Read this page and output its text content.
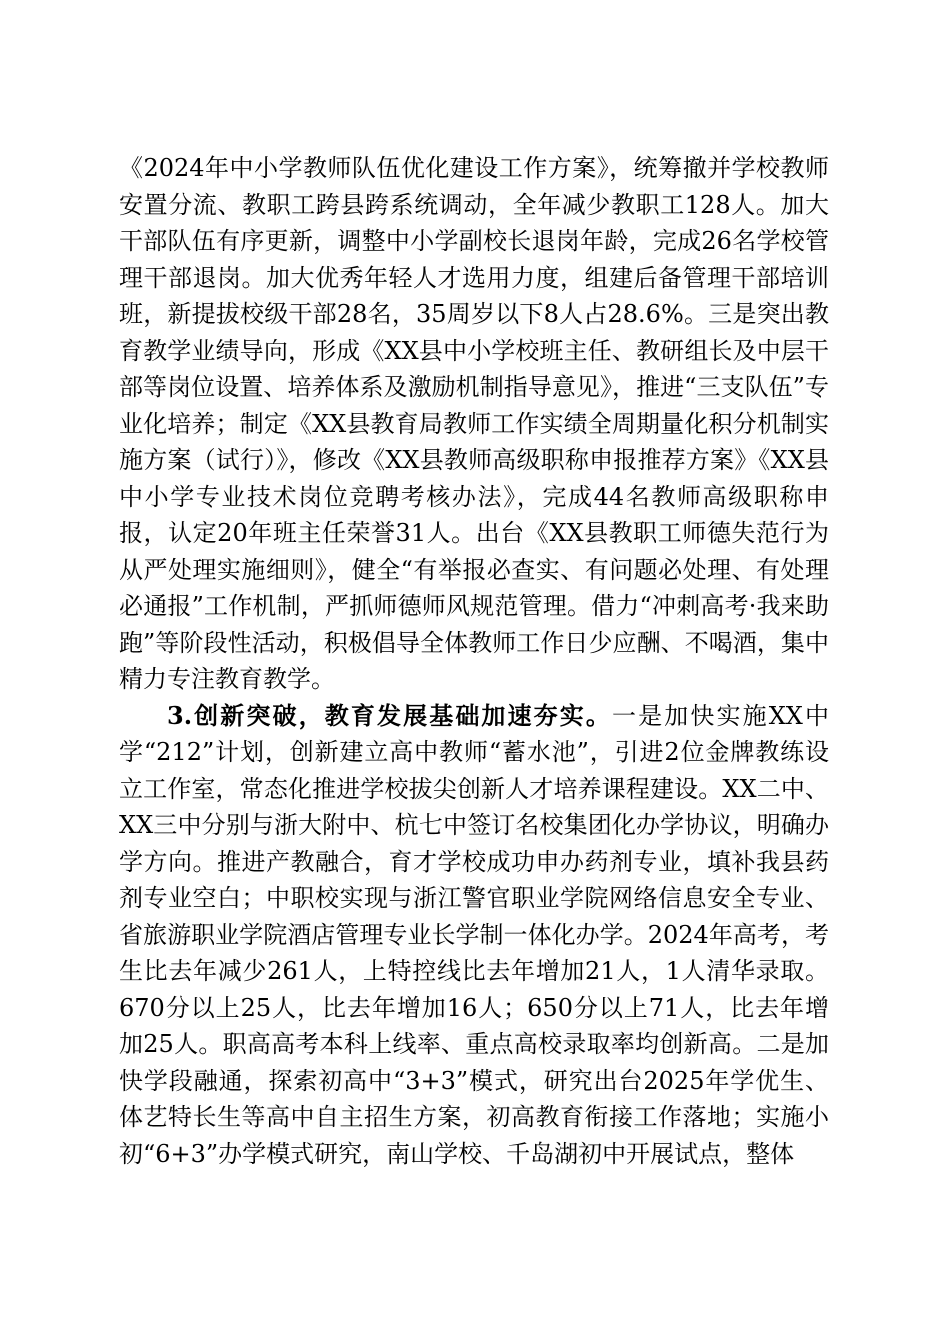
《2024年中小学教师队伍优化建设工作方案》，统筹撤并学校教师安置分流、教职工跨县跨系统调动，全年减少教职工128人。加大干部队伍有序更新，调整中小学副校长退岗年龄，完成26名学校管理干部退岗。加大优秀年轻人才选用力度，组建后备管理干部培训班，新提拔校级干部28名，35周岁以下8人占28.6%。三是突出教育教学业绩导向，形成《XX县中小学校班主任、教研组长及中层干部等岗位设置、培养体系及激励机制指导意见》，推进“三支队伍”专业化培养；制定《XX县教育局教师工作实绩全周期量化积分机制实施方案（试行）》，修改《XX县教师高级职称申报推荐方案》《XX县中小学专业技术岗位竞聘考核办法》，完成44名教师高级职称申报，认定20年班主任荣誉31人。出台《XX县教职工师德失范行为从严处理实施细则》，健全“有举报必查实、有问题必处理、有处理必通报”工作机制，严抓师德师风规范管理。借力“冲刺高考·我来助跑”等阶段性活动，积极倡导全体教师工作日少应酬、不喝酒，集中精力专注教育教学。

3.创新突破，教育发展基础加速夯实。一是加快实施XX中学“212”计划，创新建立高中教师“蓄水池”，引进2位金牌教练设立工作室，常态化推进学校拔尖创新人才培养课程建设。XX二中、XX三中分别与浙大附中、杭七中签订名校集团化办学协议，明确办学方向。推进产教融合，育才学校成功申办药剂专业，填补我县药剂专业空白；中职校实现与浙江警官职业学院网络信息安全专业、省旅游职业学院酒店管理专业长学制一体化办学。2024年高考，考生比去年减少261人，上特控线比去年增加21人，1人清华录取。670分以上25人，比去年增加16人；650分以上71人，比去年增加25人。职高高考本科上线率、重点高校录取率均创新高。二是加快学段融通，探索初高中“3+3”模式，研究出台2025年学优生、体艺特长生等高中自主招生方案，初高教育衔接工作落地；实施小初“6+3”办学模式研究，南山学校、千岛湖初中开展试点，整体
